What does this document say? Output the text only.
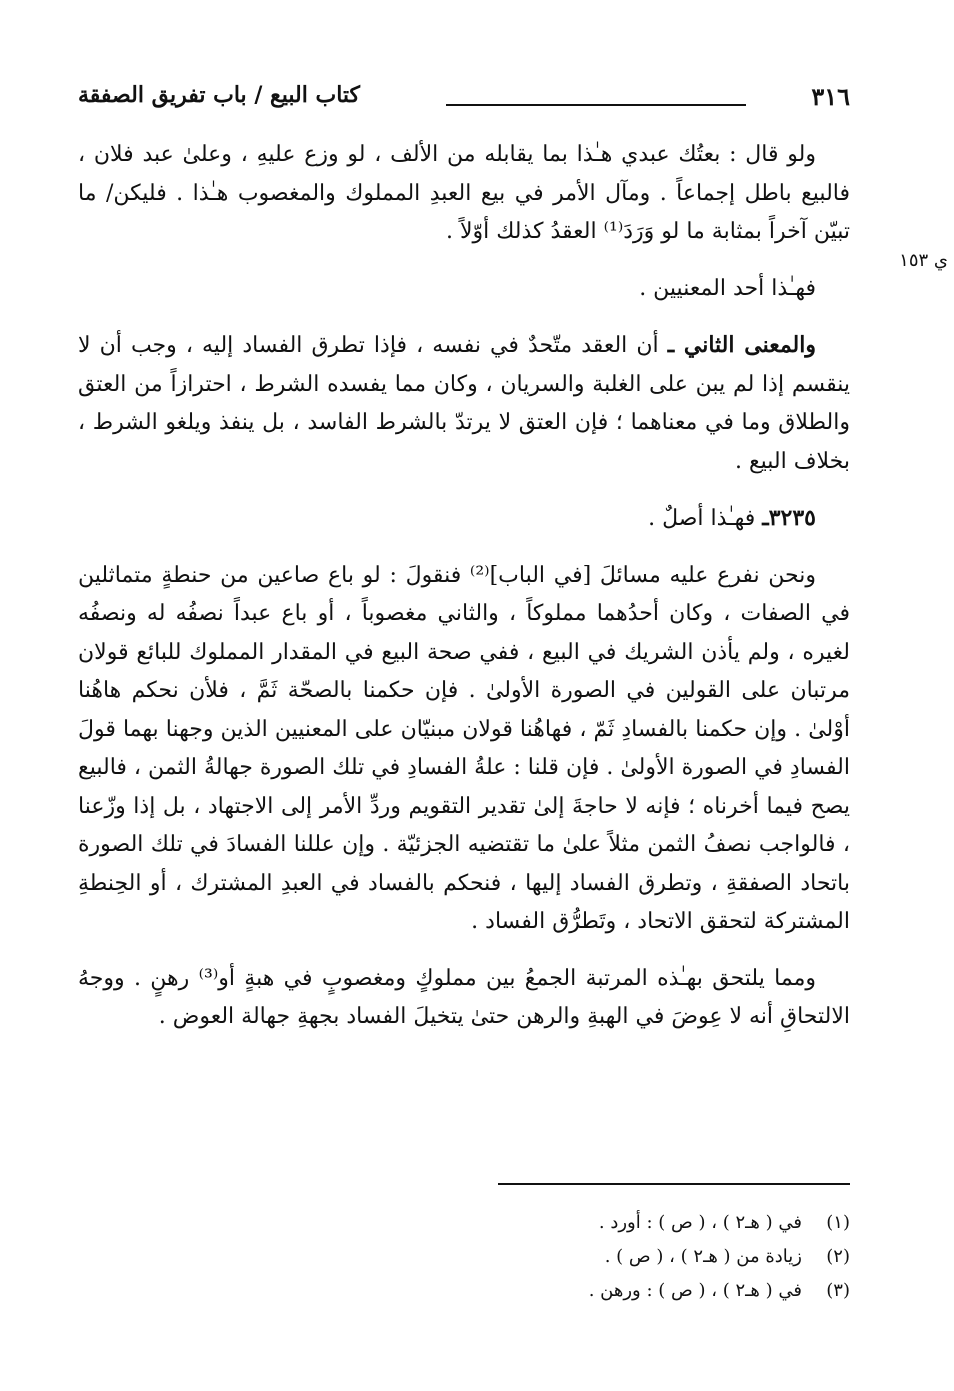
٣١٦
كتاب البيع / باب تفريق الصفقة
ي ١٥٣

ولو قال : بعتُك عبدي هـٰذا بما يقابله من الألف ، لو وزع عليهِ ، وعلىٰ عبد فلان ، فالبيع باطل إجماعاً . ومآل الأمر في بيع العبدِ المملوك والمغصوب هـٰذا . فليكن/ ما تبيّن آخراً بمثابة ما لو وَرَدَ⁽¹⁾ العقدُ كذلك أوّلاً .

فهـٰذا أحد المعنيين .

والمعنى الثاني ـ أن العقد متّحدٌ في نفسه ، فإذا تطرق الفساد إليه ، وجب أن لا ينقسم إذا لم يبن على الغلبة والسريان ، وكان مما يفسده الشرط ، احترازاً من العتق والطلاق وما في معناهما ؛ فإن العتق لا يرتدّ بالشرط الفاسد ، بل ينفذ ويلغو الشرط ، بخلاف البيع .

٣٢٣٥ـ فهـٰذا أصلٌ .

ونحن نفرع عليه مسائلَ [في الباب]⁽²⁾ فنقولَ : لو باع صاعين من حنطةٍ متماثلين في الصفات ، وكان أحدُهما مملوكاً ، والثاني مغصوباً ، أو باع عبداً نصفُه له ونصفُه لغيره ، ولم يأذن الشريك في البيع ، ففي صحة البيع في المقدار المملوك للبائع قولان مرتبان على القولين في الصورة الأولىٰ . فإن حكمنا بالصحّة ثَمَّ ، فلأن نحكم هاهُنا أوْلىٰ . وإن حكمنا بالفسادِ ثَمّ ، فهاهُنا قولان مبنيّان على المعنيين الذين وجهنا بهما قولَ الفسادِ في الصورة الأولىٰ . فإن قلنا : علةُ الفسادِ في تلك الصورة جهالةُ الثمن ، فالبيع يصح فيما أخرناه ؛ فإنه لا حاجةَ إلىٰ تقدير التقويم وردِّ الأمر إلى الاجتهاد ، بل إذا وزّعنا ، فالواجب نصفُ الثمن مثلاً علىٰ ما تقتضيه الجزئيّة . وإن عللنا الفسادَ في تلك الصورة باتحاد الصفقةِ ، وتطرق الفساد إليها ، فنحكم بالفساد في العبدِ المشترك ، أو الحِنطةِ المشتركة لتحقق الاتحاد ، وتَطرُّق الفساد .

ومما يلتحق بهـٰذه المرتبة الجمعُ بين مملوكٍ ومغصوبٍ في هبةٍ أو⁽³⁾ رهنٍ . ووجهُ الالتحاقِ أنه لا عِوضَ في الهبةِ والرهن حتىٰ يتخيلَ الفساد بجهةِ جهالة العوض .

(١)في ( هـ٢ ) ، ( ص ) : أورد .
(٢)زيادة من ( هـ٢ ) ، ( ص ) .
(٣)في ( هـ٢ ) ، ( ص ) : ورهن .
